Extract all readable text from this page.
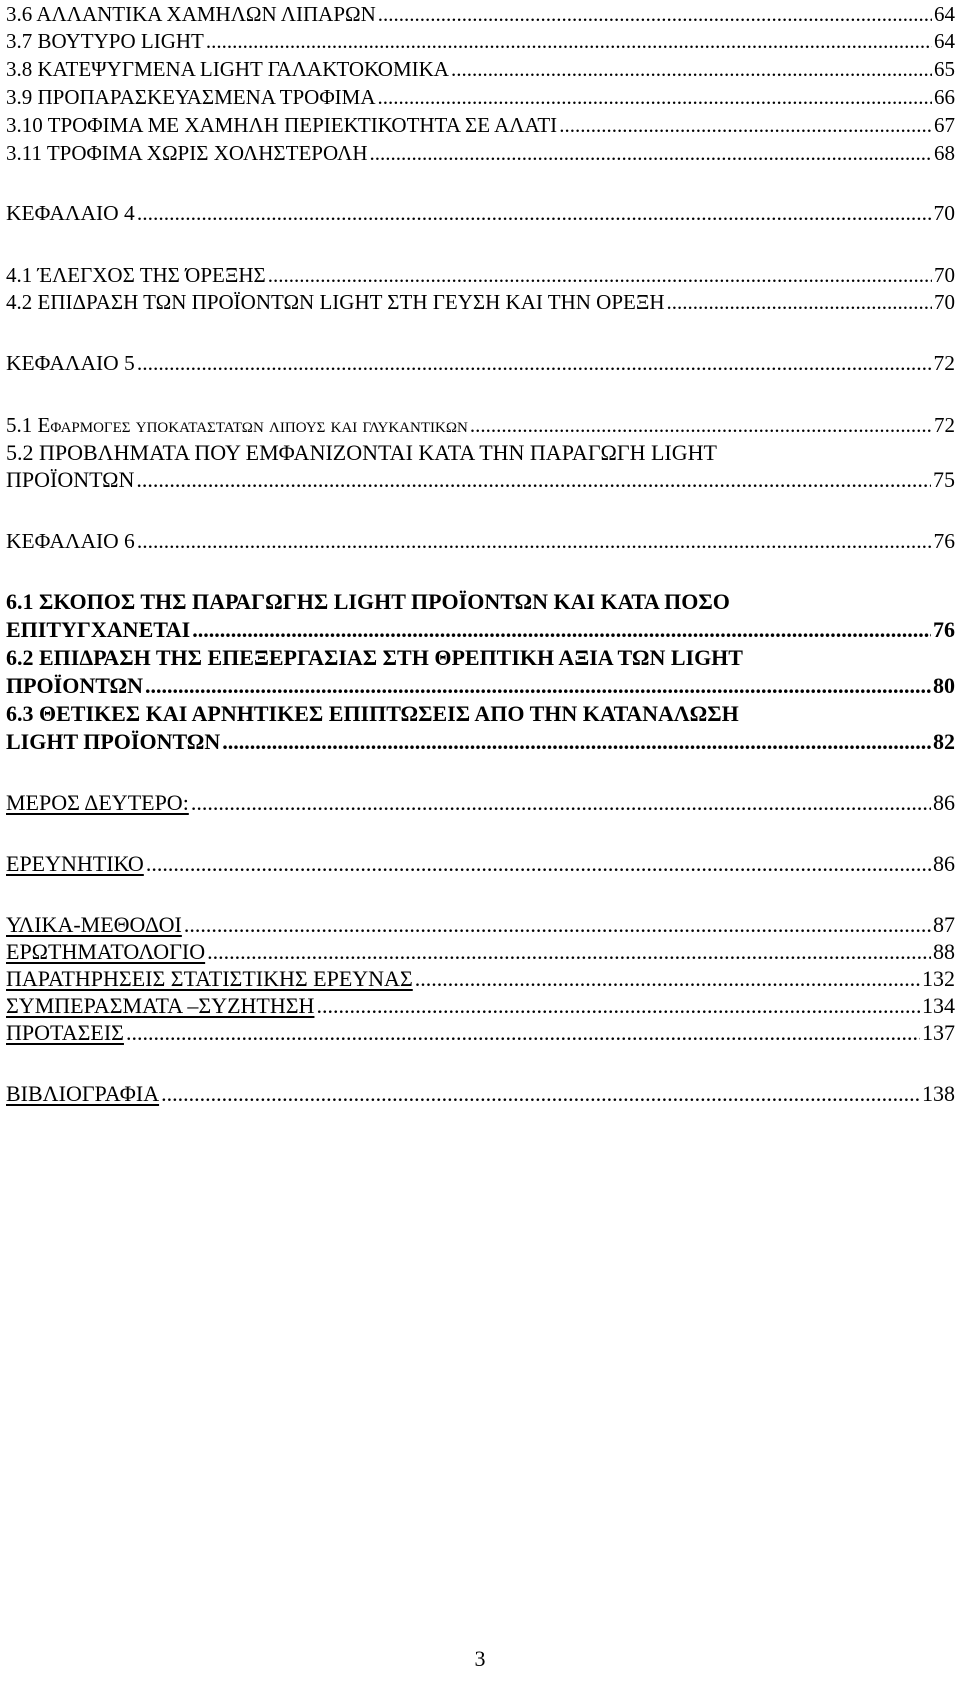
3.6 ΑΛΛΑΝΤΙΚΑ ΧΑΜΗΛΩΝ ΛΙΠΑΡΩΝ .....	64
3.7 ΒΟΥΤΥΡΟ LIGHT .....	64
3.8 ΚΑΤΕΨΥΓΜΕΝΑ LIGHT ΓΑΛΑΚΤΟΚΟΜΙΚΑ .....	65
3.9 ΠΡΟΠΑΡΑΣΚΕΥΑΣΜΕΝΑ ΤΡΟΦΙΜΑ .....	66
3.10 ΤΡΟΦΙΜΑ ΜΕ ΧΑΜΗΛΗ ΠΕΡΙΕΚΤΙΚΟΤΗΤΑ ΣΕ ΑΛΑΤΙ .....	67
3.11 ΤΡΟΦΙΜΑ ΧΩΡΙΣ ΧΟΛΗΣΤΕΡΟΛΗ .....	68
ΚΕΦΑΛΑΙΟ 4 .....	70
4.1 ΈΛΕΓΧΟΣ ΤΗΣ ΌΡΕΞΗΣ .....	70
4.2 ΕΠΙΔΡΑΣΗ ΤΩΝ ΠΡΟΪΟΝΤΩΝ LIGHT ΣΤΗ ΓΕΥΣΗ ΚΑΙ ΤΗΝ ΟΡΕΞΗ .....	70
ΚΕΦΑΛΑΙΟ 5 .....	72
5.1 Εφαρμογες υποκαταστατων λιπους και γλυκαντικων .....	72
5.2 ΠΡΟΒΛΗΜΑΤΑ ΠΟΥ ΕΜΦΑΝΙΖΟΝΤΑΙ ΚΑΤΑ ΤΗΝ ΠΑΡΑΓΩΓΗ LIGHT
ΠΡΟΪΟΝΤΩΝ .....	75
ΚΕΦΑΛΑΙΟ 6 .....	76
6.1 ΣΚΟΠΟΣ ΤΗΣ ΠΑΡΑΓΩΓΗΣ LIGHT ΠΡΟΪΟΝΤΩΝ ΚΑΙ ΚΑΤΑ ΠΟΣΟ
ΕΠΙΤΥΓΧΑΝΕΤΑΙ .....	76
6.2 ΕΠΙΔΡΑΣΗ ΤΗΣ ΕΠΕΞΕΡΓΑΣΙΑΣ ΣΤΗ ΘΡΕΠΤΙΚΗ ΑΞΙΑ ΤΩΝ LIGHT
ΠΡΟΪΟΝΤΩΝ .....	80
6.3 ΘΕΤΙΚΕΣ ΚΑΙ ΑΡΝΗΤΙΚΕΣ ΕΠΙΠΤΩΣΕΙΣ ΑΠΟ ΤΗΝ ΚΑΤΑΝΑΛΩΣΗ
LIGHT ΠΡΟΪΟΝΤΩΝ .....	82
ΜΕΡΟΣ ΔΕΥΤΕΡΟ: .....	86
ΕΡΕΥΝΗΤΙΚΟ .....	86
ΥΛΙΚΑ-ΜΕΘΟΔΟΙ .....	87
ΕΡΩΤΗΜΑΤΟΛΟΓΙΟ .....	88
ΠΑΡΑΤΗΡΗΣΕΙΣ ΣΤΑΤΙΣΤΙΚΗΣ ΕΡΕΥΝΑΣ .....	132
ΣΥΜΠΕΡΑΣΜΑΤΑ –ΣΥΖΗΤΗΣΗ .....	134
ΠΡΟΤΑΣΕΙΣ .....	137
ΒΙΒΛΙΟΓΡΑΦΙΑ .....	138
3
